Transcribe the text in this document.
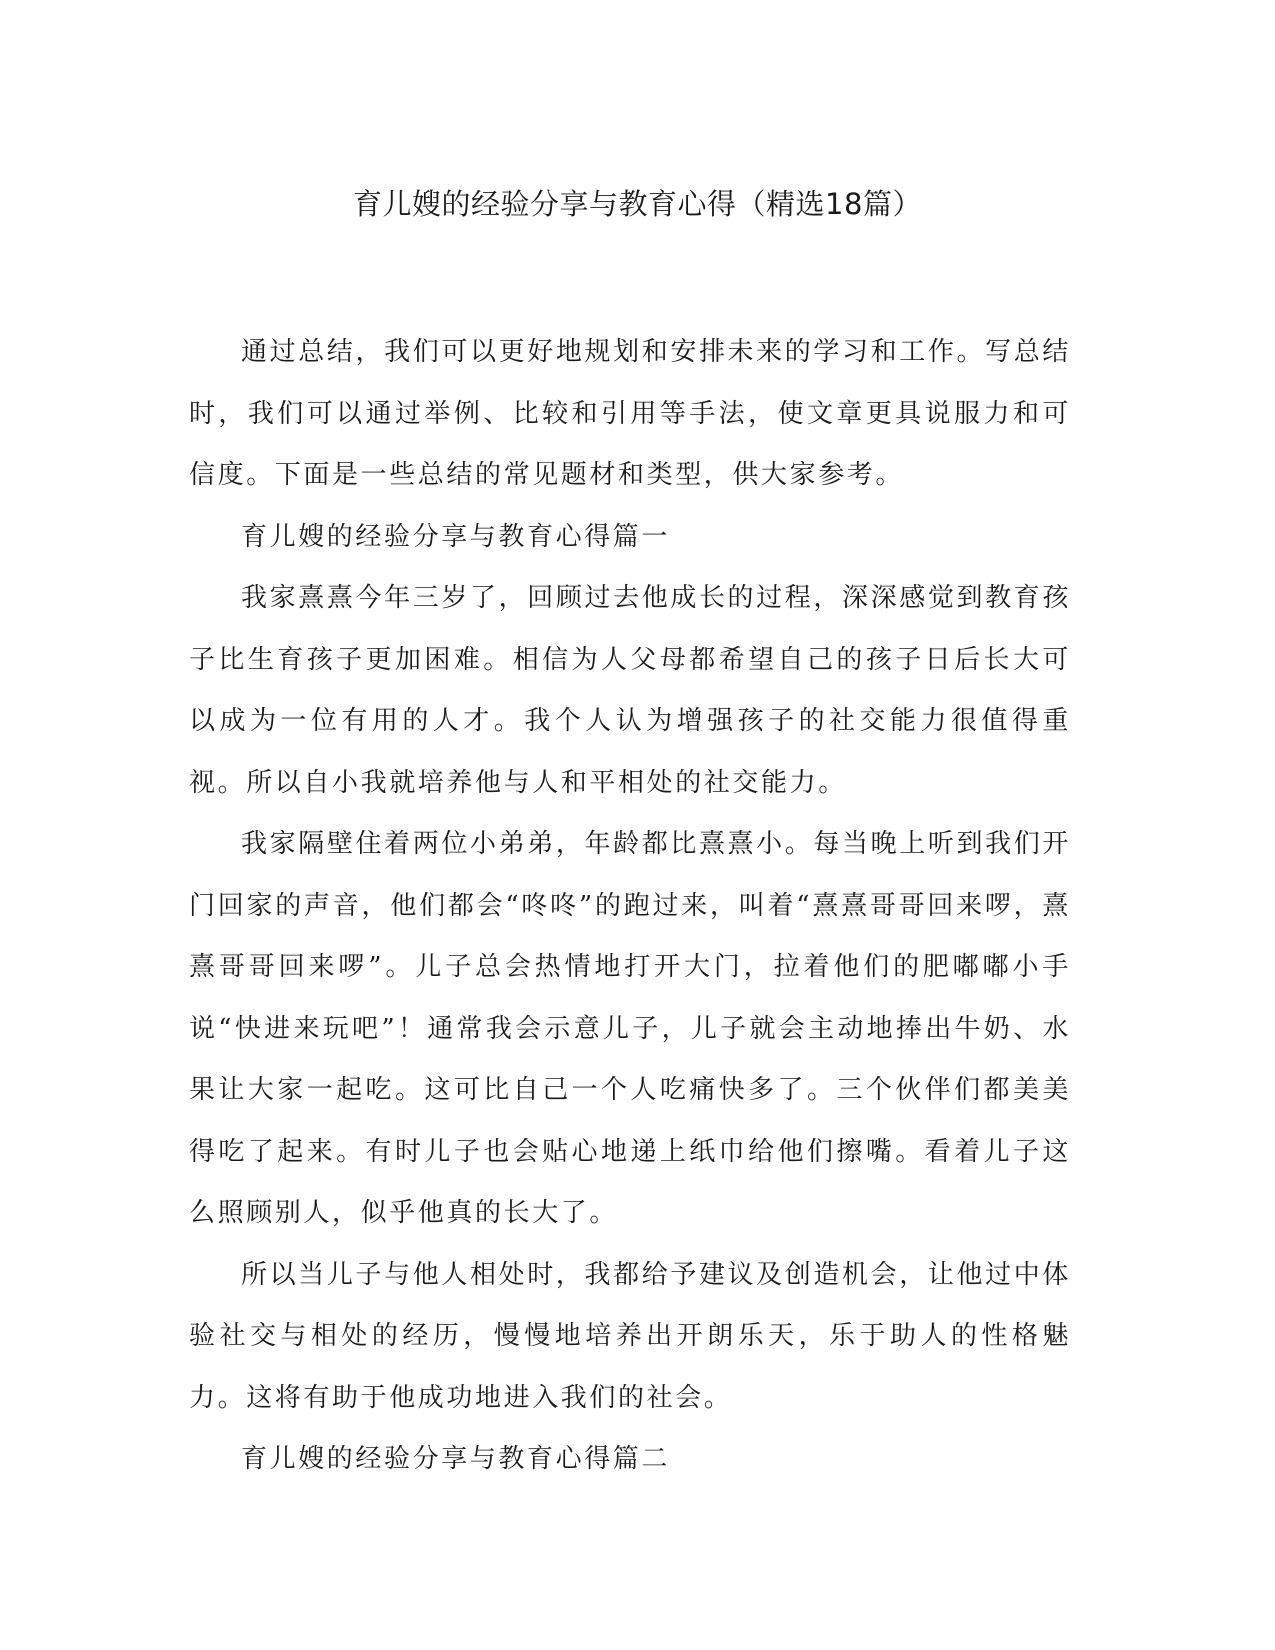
育儿嫂的经验分享与教育心得（精选18篇）

通过总结，我们可以更好地规划和安排未来的学习和工作。写总结时，我们可以通过举例、比较和引用等手法，使文章更具说服力和可信度。下面是一些总结的常见题材和类型，供大家参考。

育儿嫂的经验分享与教育心得篇一

我家熹熹今年三岁了，回顾过去他成长的过程，深深感觉到教育孩子比生育孩子更加困难。相信为人父母都希望自己的孩子日后长大可以成为一位有用的人才。我个人认为增强孩子的社交能力很值得重视。所以自小我就培养他与人和平相处的社交能力。

我家隔壁住着两位小弟弟，年龄都比熹熹小。每当晚上听到我们开门回家的声音，他们都会“咚咚”的跑过来，叫着“熹熹哥哥回来啰，熹熹哥哥回来啰”。儿子总会热情地打开大门，拉着他们的肥嘟嘟小手说“快进来玩吧”！通常我会示意儿子，儿子就会主动地捧出牛奶、水果让大家一起吃。这可比自己一个人吃痛快多了。三个伙伴们都美美得吃了起来。有时儿子也会贴心地递上纸巾给他们擦嘴。看着儿子这么照顾别人，似乎他真的长大了。

所以当儿子与他人相处时，我都给予建议及创造机会，让他过中体验社交与相处的经历，慢慢地培养出开朗乐天，乐于助人的性格魅力。这将有助于他成功地进入我们的社会。

育儿嫂的经验分享与教育心得篇二
